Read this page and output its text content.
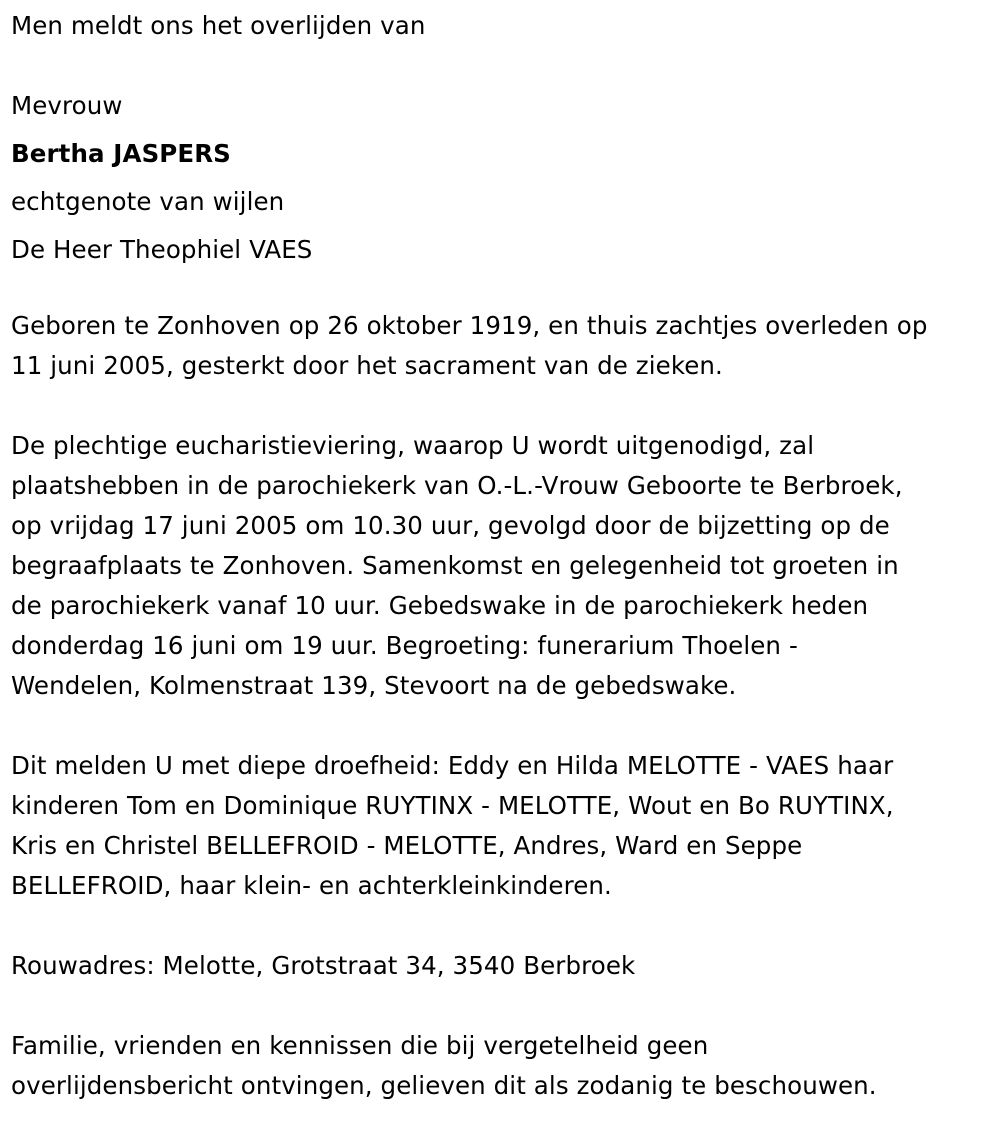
Men meldt ons het overlijden van
Mevrouw
Bertha JASPERS
echtgenote van wijlen
De Heer Theophiel VAES

Geboren te Zonhoven op 26 oktober 1919, en thuis zachtjes overleden op
11 juni 2005, gesterkt door het sacrament van de zieken.

De plechtige eucharistieviering, waarop U wordt uitgenodigd, zal
plaatshebben in de parochiekerk van O.-L.-Vrouw Geboorte te Berbroek,
op vrijdag 17 juni 2005 om 10.30 uur, gevolgd door de bijzetting op de
begraafplaats te Zonhoven. Samenkomst en gelegenheid tot groeten in
de parochiekerk vanaf 10 uur. Gebedswake in de parochiekerk heden
donderdag 16 juni om 19 uur. Begroeting: funerarium Thoelen -
Wendelen, Kolmenstraat 139, Stevoort na de gebedswake.

Dit melden U met diepe droefheid: Eddy en Hilda MELOTTE - VAES haar
kinderen Tom en Dominique RUYTINX - MELOTTE, Wout en Bo RUYTINX,
Kris en Christel BELLEFROID - MELOTTE, Andres, Ward en Seppe
BELLEFROID, haar klein- en achterkleinkinderen.

Rouwadres: Melotte, Grotstraat 34, 3540 Berbroek

Familie, vrienden en kennissen die bij vergetelheid geen
overlijdensbericht ontvingen, gelieven dit als zodanig te beschouwen.
